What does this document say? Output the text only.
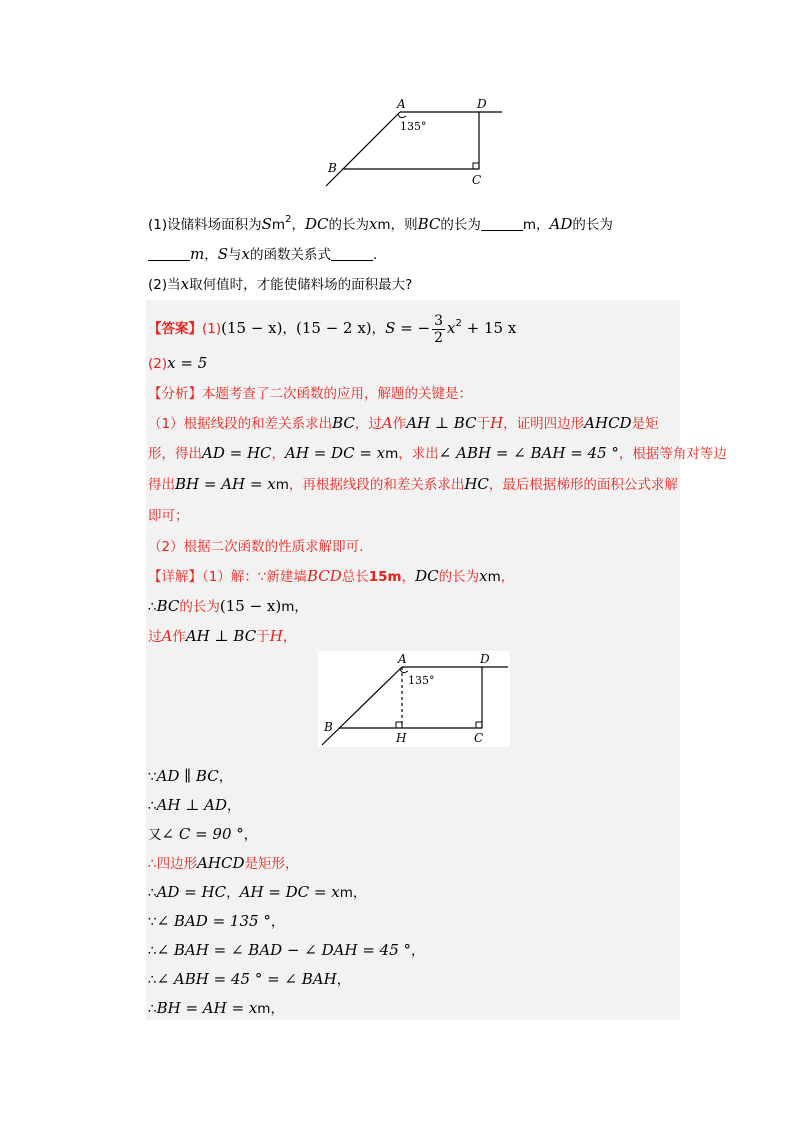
A	D
B
C
135°
(1)设储料场面积为Sm$^2$，DC的长为xm，则BC的长为	m，AD的长为
m，S与x的函数关系式	.
(2)当x取何值时，才能使储料场的面积最大?
【答案】(1)(15 − x)，(15 − 2 x)，S = − $\frac{3}{2} x^2 + 15$ x
(2)x = 5
【分析】本题考查了二次函数的应用，解题的关键是：
（1）根据线段的和差关系求出BC，过A作AH ⊥ BC于H，证明四边形AHCD是矩
形，得出AD = HC，AH = DC = xm，求出∠ ABH = ∠ BAH = 45 °，根据等角对等边
得出BH = AH = xm，再根据线段的和差关系求出HC，最后根据梯形的面积公式求解
即可；
（2）根据二次函数的性质求解即可.
【详解】（1）解：∵新建墙BCD总长15m，DC的长为xm，
∴BC的长为(15 − x)m，
过A作AH ⊥ BC于H，
A	D
B
H	C
135°
∵AD ∥ BC，
∴AH ⊥ AD，
又∠ C = 90 °，
∴四边形AHCD是矩形，
∴AD = HC，AH = DC = xm，
∵∠ BAD = 135 °，
∴∠ BAH = ∠ BAD − ∠ DAH = 45 °，
∴∠ ABH = 45 ° = ∠ BAH，
∴BH = AH = xm，
